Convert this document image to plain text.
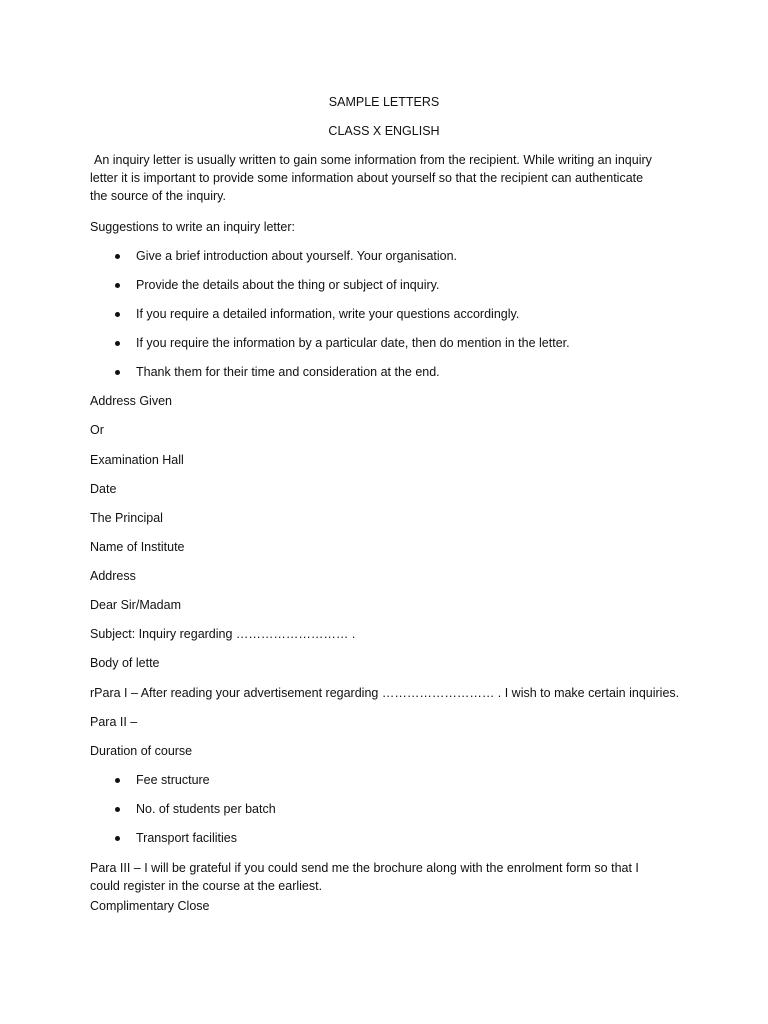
SAMPLE LETTERS

CLASS X ENGLISH

An inquiry letter is usually written to gain some information from the recipient. While writing an inquiry

letter it is important to provide some information about yourself so that the recipient can authenticate

the source of the inquiry.

Suggestions to write an inquiry letter:

Give a brief introduction about yourself. Your organisation.
Provide the details about the thing or subject of inquiry.
If you require a detailed information, write your questions accordingly.
If you require the information by a particular date, then do mention in the letter.
Thank them for their time and consideration at the end.

Address Given

Or

Examination Hall

Date

The Principal

Name of Institute

Address

Dear Sir/Madam

Subject: Inquiry regarding ……………………… .

Body of lette

rPara I – After reading your advertisement regarding ……………………… . I wish to make certain inquiries.

Para II –

Duration of course

Fee structure
No. of students per batch
Transport facilities

Para III – I will be grateful if you could send me the brochure along with the enrolment form so that I

could register in the course at the earliest.

Complimentary Close
